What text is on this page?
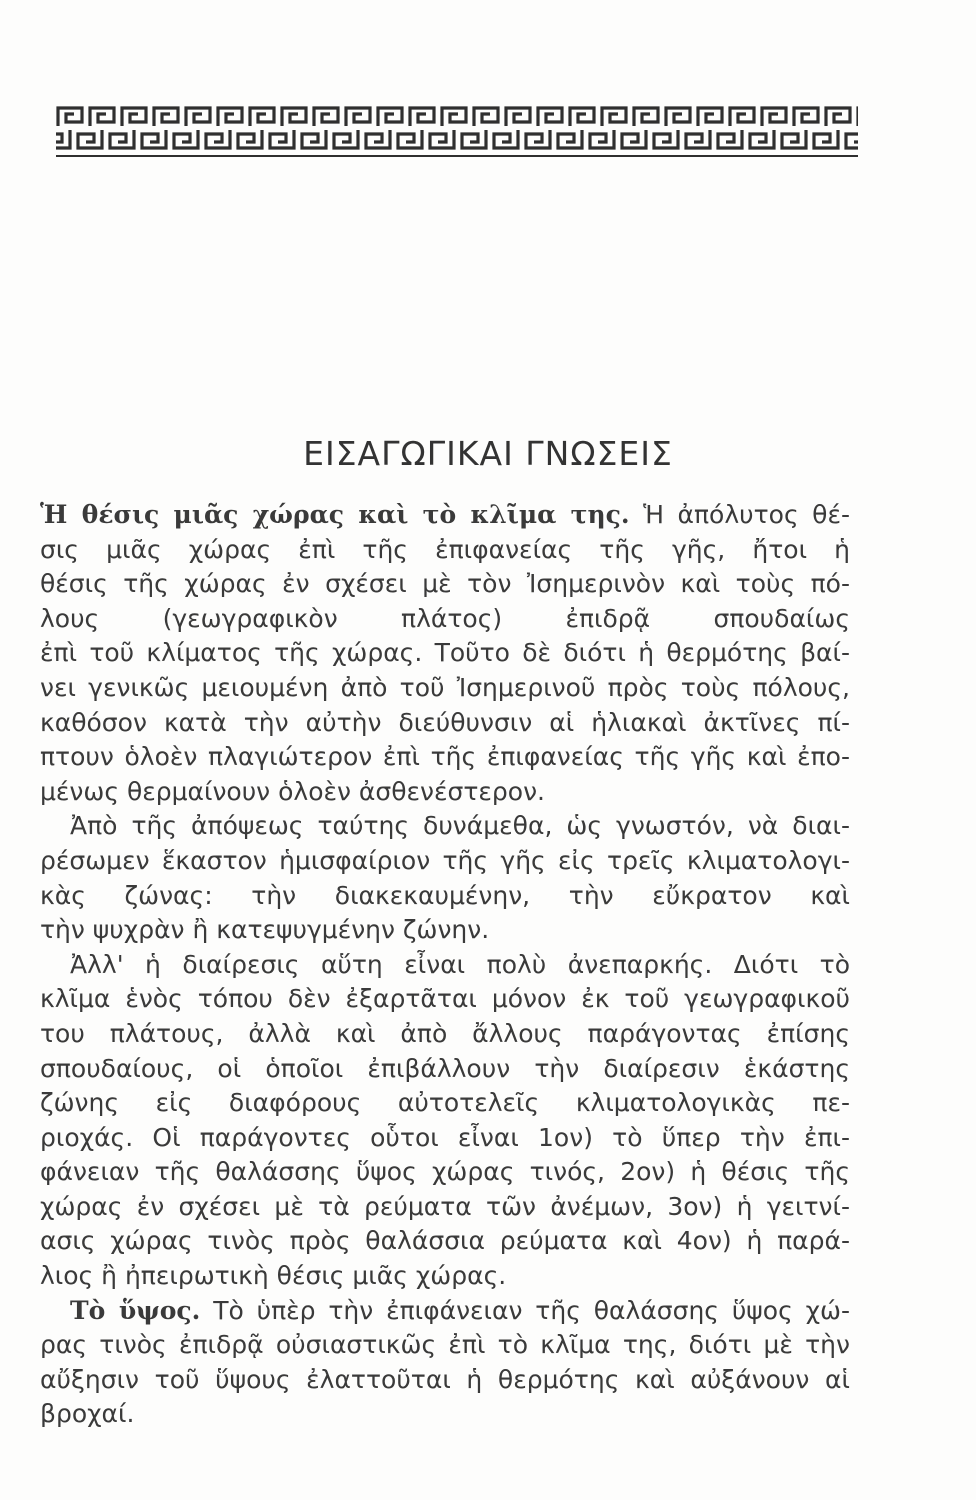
ΕΙΣΑΓΩΓΙΚΑΙ ΓΝΩΣΕΙΣ
Ἡ θέσις μιᾶς χώρας καὶ τὸ κλῖμα της. Ἡ ἀπόλυτος θέ-
σις μιᾶς χώρας ἐπὶ τῆς ἐπιφανείας τῆς γῆς, ἤτοι ἡ
θέσις τῆς χώρας ἐν σχέσει μὲ τὸν Ἰσημερινὸν καὶ τοὺς πό-
λους (γεωγραφικὸν πλάτος) ἐπιδρᾷ σπουδαίως
ἐπὶ τοῦ κλίματος τῆς χώρας. Τοῦτο δὲ διότι ἡ θερμότης βαί-
νει γενικῶς μειουμένη ἀπὸ τοῦ Ἰσημερινοῦ πρὸς τοὺς πόλους,
καθόσον κατὰ τὴν αὐτὴν διεύθυνσιν αἱ ἡλιακαὶ ἀκτῖνες πί-
πτουν ὁλοὲν πλαγιώτερον ἐπὶ τῆς ἐπιφανείας τῆς γῆς καὶ ἐπο-
μένως θερμαίνουν ὁλοὲν ἀσθενέστερον.
Ἀπὸ τῆς ἀπόψεως ταύτης δυνάμεθα, ὡς γνωστόν, νὰ διαι-
ρέσωμεν ἕκαστον ἡμισφαίριον τῆς γῆς εἰς τρεῖς κλιματολογι-
κὰς ζώνας: τὴν διακεκαυμένην, τὴν εὔκρατον καὶ
τὴν ψυχρὰν ἢ κατεψυγμένην ζώνην.
Ἀλλ' ἡ διαίρεσις αὕτη εἶναι πολὺ ἀνεπαρκής. Διότι τὸ
κλῖμα ἑνὸς τόπου δὲν ἐξαρτᾶται μόνον ἐκ τοῦ γεωγραφικοῦ
του πλάτους, ἀλλὰ καὶ ἀπὸ ἄλλους παράγοντας ἐπίσης
σπουδαίους, οἱ ὁποῖοι ἐπιβάλλουν τὴν διαίρεσιν ἑκάστης
ζώνης εἰς διαφόρους αὐτοτελεῖς κλιματολογικὰς πε-
ριοχάς. Οἱ παράγοντες οὗτοι εἶναι 1ον) τὸ ὕπερ τὴν ἐπι-
φάνειαν τῆς θαλάσσης ὕψος χώρας τινός, 2ον) ἡ θέσις τῆς
χώρας ἐν σχέσει μὲ τὰ ρεύματα τῶν ἀνέμων, 3ον) ἡ γειτνί-
ασις χώρας τινὸς πρὸς θαλάσσια ρεύματα καὶ 4ον) ἡ παρά-
λιος ἢ ἠπειρωτικὴ θέσις μιᾶς χώρας.
Τὸ ὕψος. Τὸ ὑπὲρ τὴν ἐπιφάνειαν τῆς θαλάσσης ὕψος χώ-
ρας τινὸς ἐπιδρᾷ οὐσιαστικῶς ἐπὶ τὸ κλῖμα της, διότι μὲ τὴν
αὔξησιν τοῦ ὕψους ἐλαττοῦται ἡ θερμότης καὶ αὐξάνουν αἱ
βροχαί.
